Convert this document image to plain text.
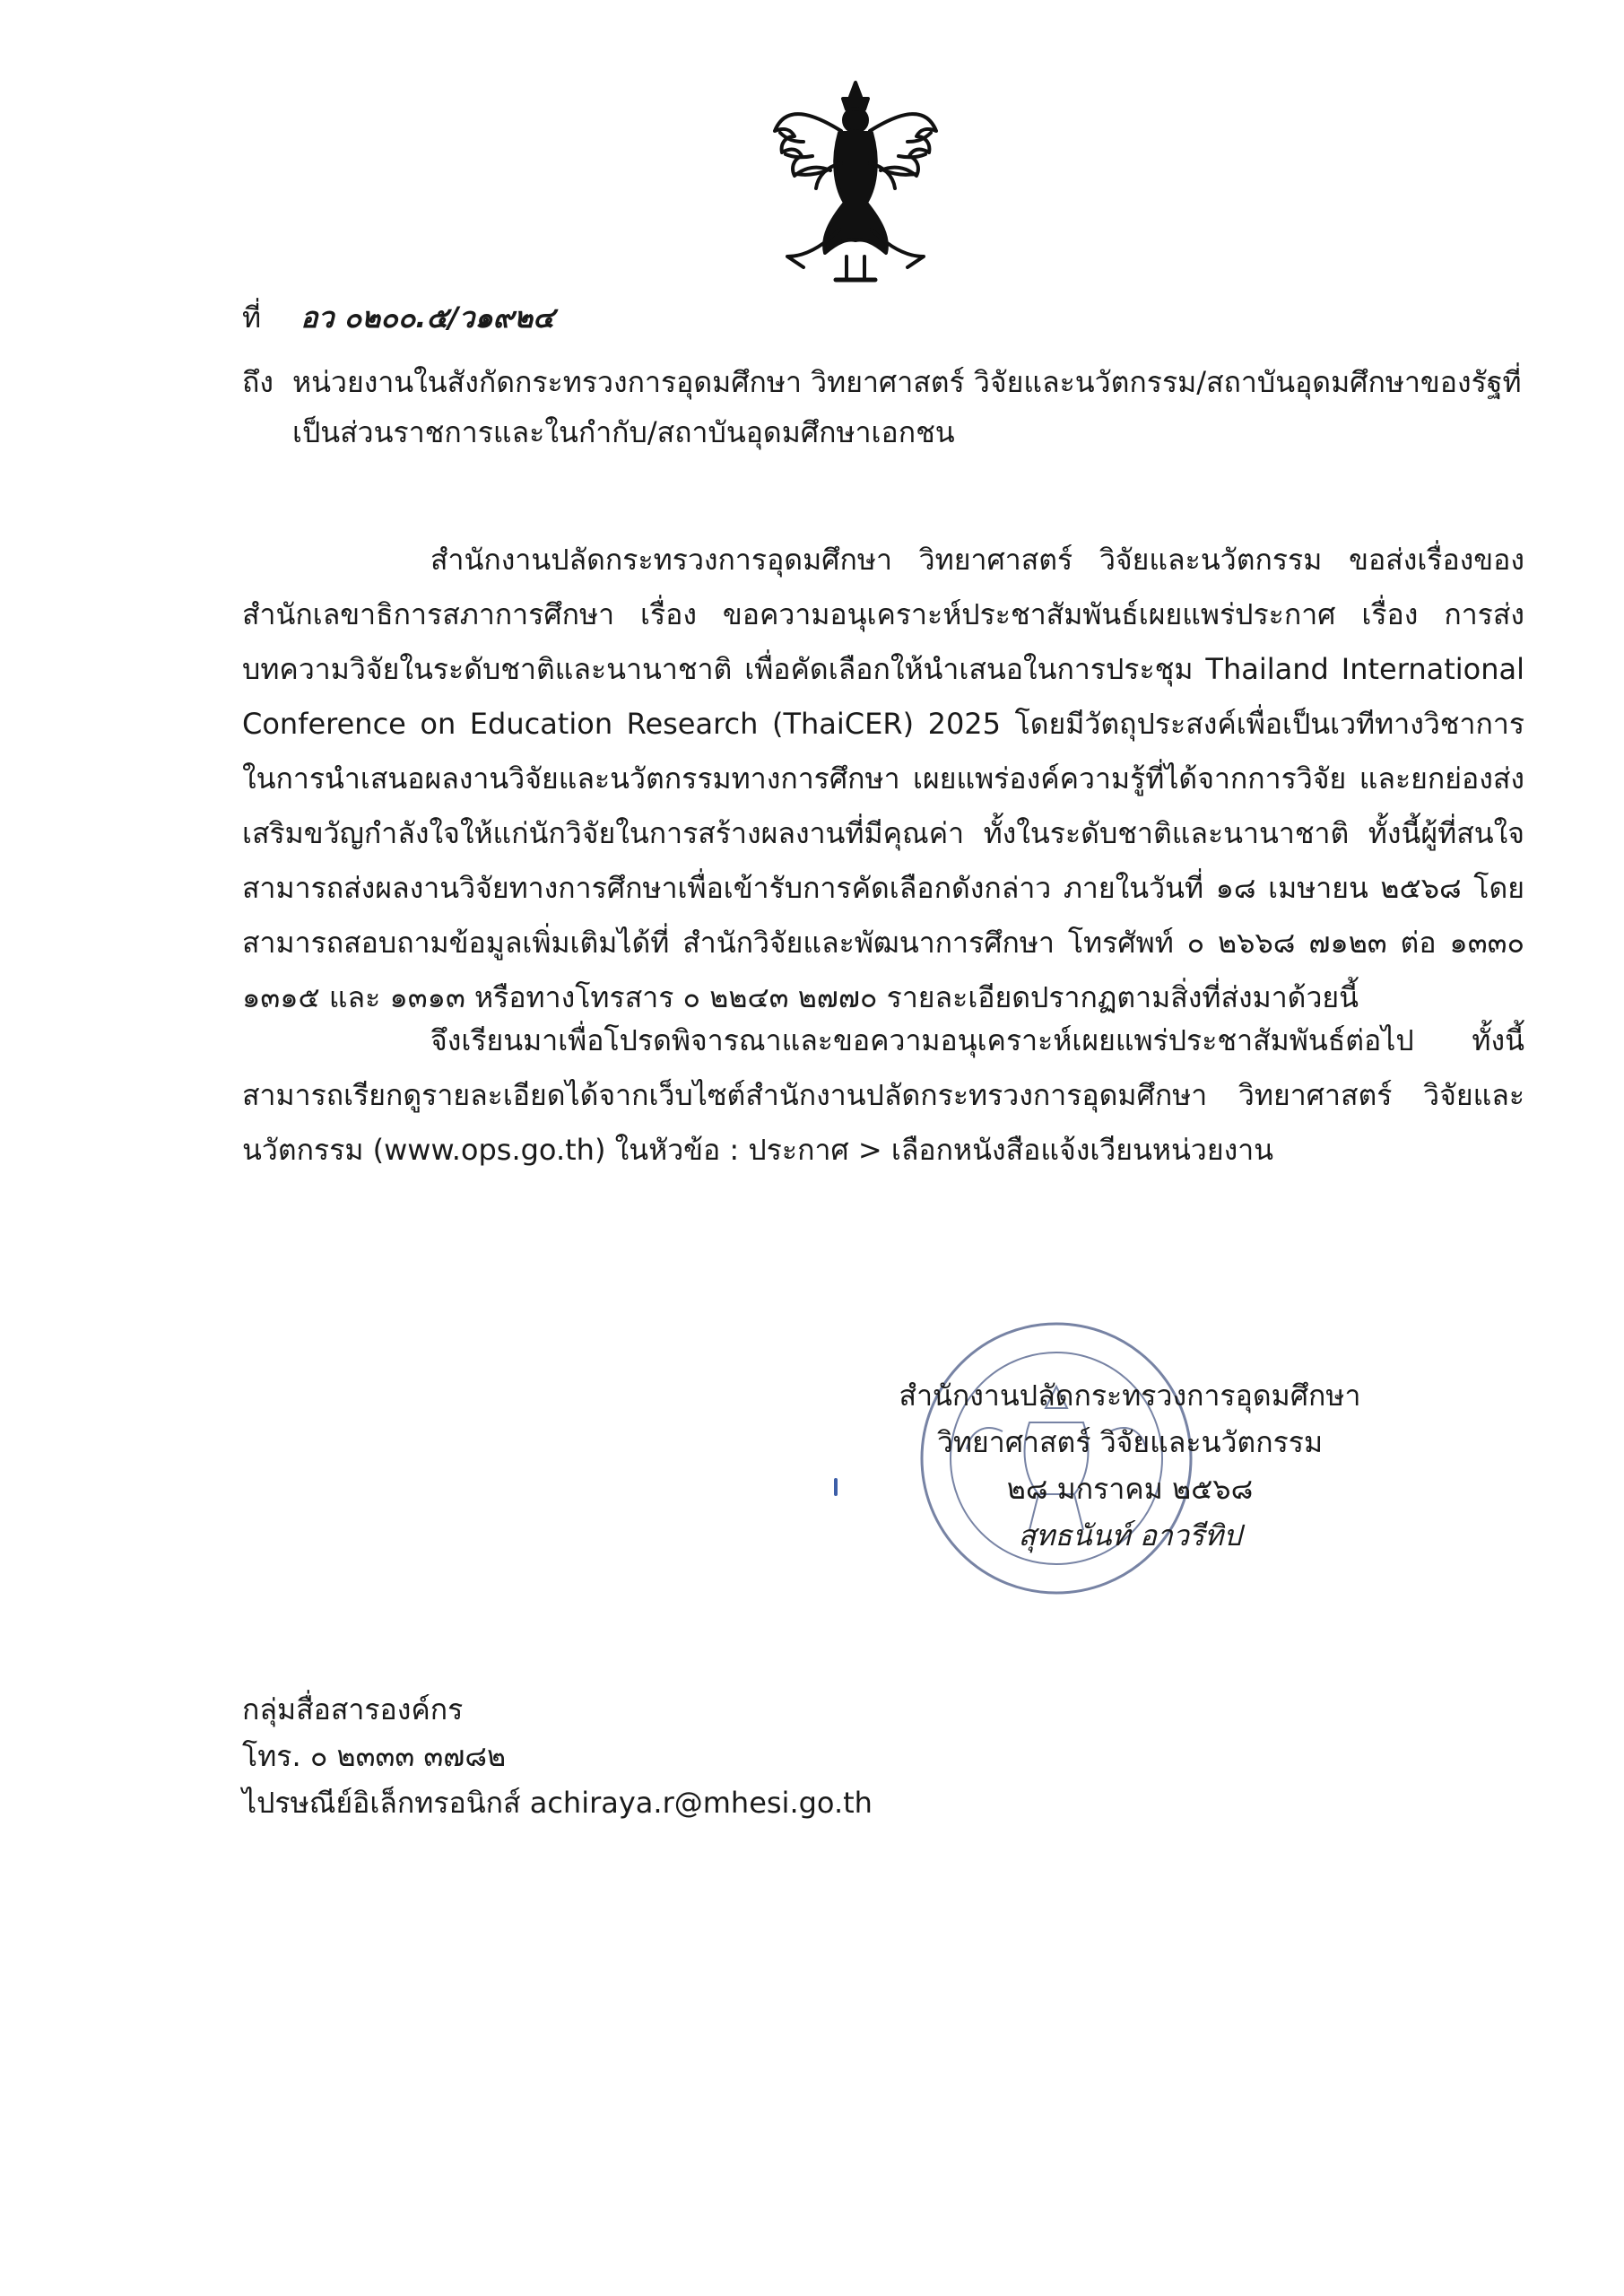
ที่ อว ๐๒๐๐.๕/ว๑๙๒๔
ถึง หน่วยงานในสังกัดกระทรวงการอุดมศึกษา วิทยาศาสตร์ วิจัยและนวัตกรรม/สถาบันอุดมศึกษาของรัฐที่
เป็นส่วนราชการและในกำกับ/สถาบันอุดมศึกษาเอกชน
สำนักงานปลัดกระทรวงการอุดมศึกษา วิทยาศาสตร์ วิจัยและนวัตกรรม ขอส่งเรื่องของสำนักเลขาธิการสภาการศึกษา เรื่อง ขอความอนุเคราะห์ประชาสัมพันธ์เผยแพร่ประกาศ เรื่อง การส่งบทความวิจัยในระดับชาติและนานาชาติ เพื่อคัดเลือกให้นำเสนอในการประชุม Thailand International Conference on Education Research (ThaiCER) 2025 โดยมีวัตถุประสงค์เพื่อเป็นเวทีทางวิชาการในการนำเสนอผลงานวิจัยและนวัตกรรมทางการศึกษา เผยแพร่องค์ความรู้ที่ได้จากการวิจัย และยกย่องส่งเสริมขวัญกำลังใจให้แก่นักวิจัยในการสร้างผลงานที่มีคุณค่า ทั้งในระดับชาติและนานาชาติ ทั้งนี้ผู้ที่สนใจสามารถส่งผลงานวิจัยทางการศึกษาเพื่อเข้ารับการคัดเลือกดังกล่าว ภายในวันที่ ๑๘ เมษายน ๒๕๖๘ โดยสามารถสอบถามข้อมูลเพิ่มเติมได้ที่ สำนักวิจัยและพัฒนาการศึกษา โทรศัพท์ ๐ ๒๖๖๘ ๗๑๒๓ ต่อ ๑๓๓๐ ๑๓๑๕ และ ๑๓๑๓ หรือทางโทรสาร ๐ ๒๒๔๓ ๒๗๗๐ รายละเอียดปรากฏตามสิ่งที่ส่งมาด้วยนี้
จึงเรียนมาเพื่อโปรดพิจารณาและขอความอนุเคราะห์เผยแพร่ประชาสัมพันธ์ต่อไป ทั้งนี้สามารถเรียกดูรายละเอียดได้จากเว็บไซต์สำนักงานปลัดกระทรวงการอุดมศึกษา วิทยาศาสตร์ วิจัยและนวัตกรรม (www.ops.go.th) ในหัวข้อ : ประกาศ > เลือกหนังสือแจ้งเวียนหน่วยงาน
สำนักงานปลัดกระทรวงการอุดมศึกษา
วิทยาศาสตร์ วิจัยและนวัตกรรม
๒๘ มกราคม ๒๕๖๘
สุทธนันท์ อาวรีทิป
กลุ่มสื่อสารองค์กร
โทร. ๐ ๒๓๓๓ ๓๗๘๒
ไปรษณีย์อิเล็กทรอนิกส์ achiraya.r@mhesi.go.th
